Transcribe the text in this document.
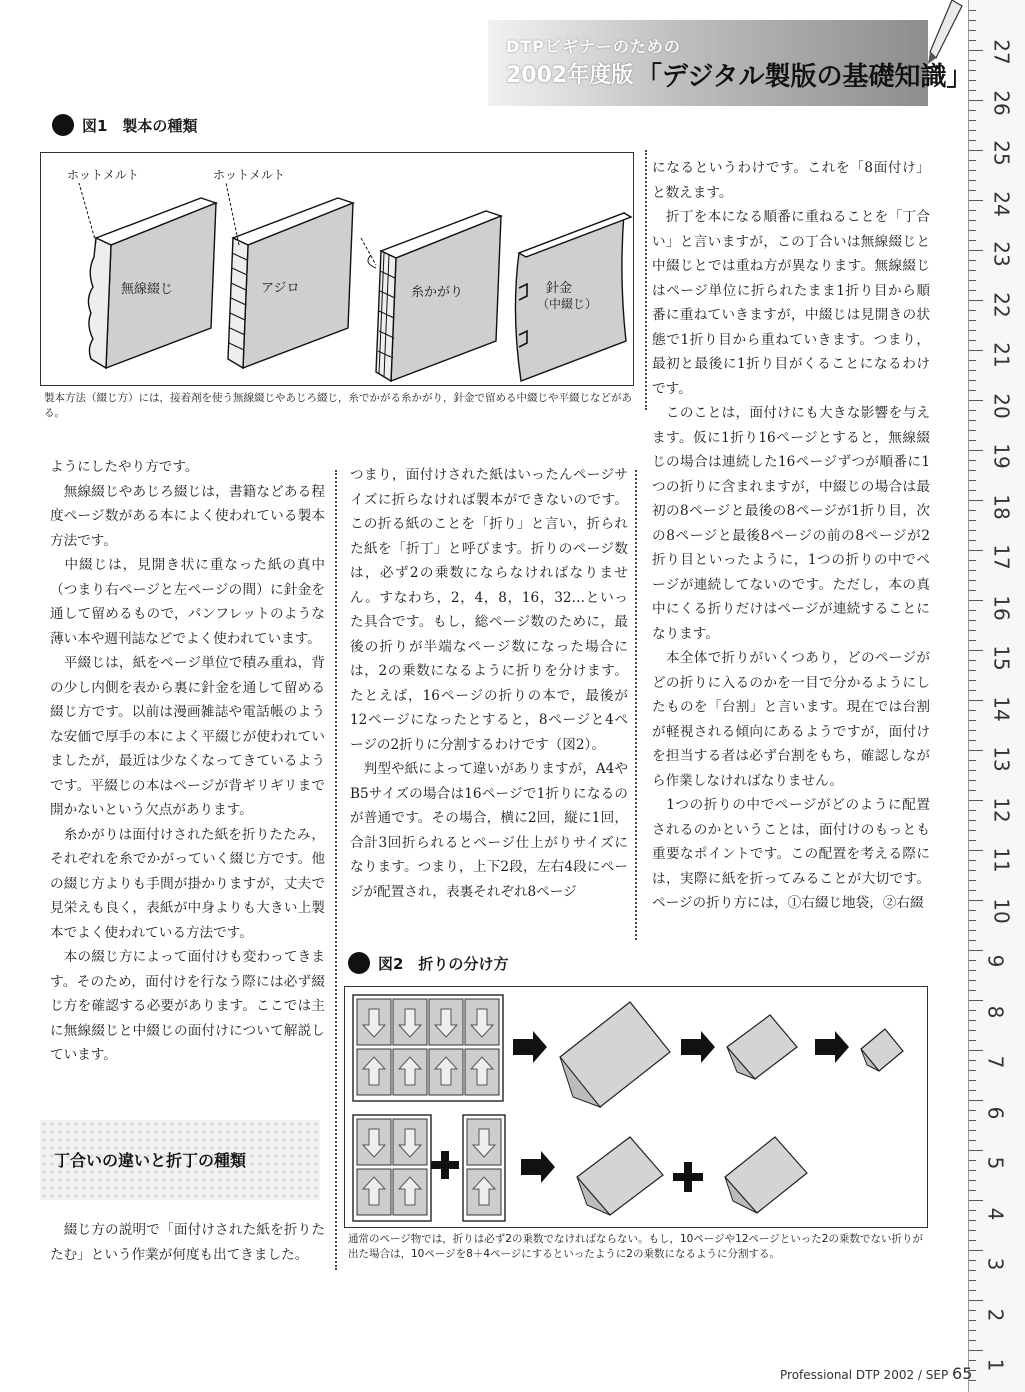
27
26
25
24
23
22
21
20
19
18
17
16
15
14
13
12
11
10
9
8
7
6
5
4
3
2
1
DTPビギナーのための
2002年度版 「デジタル製版の基礎知識」
図1　製本の種類
ホットメルト	ホットメルト
無線綴じ	アジロ	糸かがり	針金
（中綴じ）
製本方法（綴じ方）には，接着剤を使う無線綴じやあじろ綴じ，糸でかがる糸かがり，針金で留める中綴じや平綴じなどがある。

ようにしたやり方です。

　無線綴じやあじろ綴じは，書籍などある程度ページ数がある本によく使われている製本方法です。

　中綴じは，見開き状に重なった紙の真中（つまり右ページと左ページの間）に針金を通して留めるもので，パンフレットのような薄い本や週刊誌などでよく使われています。

　平綴じは，紙をページ単位で積み重ね，背の少し内側を表から裏に針金を通して留める綴じ方です。以前は漫画雑誌や電話帳のような安価で厚手の本によく平綴じが使われていましたが，最近は少なくなってきているようです。平綴じの本はページが背ギリギリまで開かないという欠点があります。

　糸かがりは面付けされた紙を折りたたみ，それぞれを糸でかがっていく綴じ方です。他の綴じ方よりも手間が掛かりますが，丈夫で見栄えも良く，表紙が中身よりも大きい上製本でよく使われている方法です。

　本の綴じ方によって面付けも変わってきます。そのため，面付けを行なう際には必ず綴じ方を確認する必要があります。ここでは主に無線綴じと中綴じの面付けについて解説しています。

丁合いの違いと折丁の種類

　綴じ方の説明で「面付けされた紙を折りたたむ」という作業が何度も出てきました。

つまり，面付けされた紙はいったんページサイズに折らなければ製本ができないのです。この折る紙のことを「折り」と言い，折られた紙を「折丁」と呼びます。折りのページ数は，必ず2の乗数にならなければなりません。すなわち，2，4，8，16，32…といった具合です。もし，総ページ数のために，最後の折りが半端なページ数になった場合には，2の乗数になるように折りを分けます。たとえば，16ページの折りの本で，最後が12ページになったとすると，8ページと4ページの2折りに分割するわけです（図2）。

　判型や紙によって違いがありますが，A4やB5サイズの場合は16ページで1折りになるのが普通です。その場合，横に2回，縦に1回，合計3回折られるとページ仕上がりサイズになります。つまり，上下2段，左右4段にページが配置され，表裏それぞれ8ページ

になるというわけです。これを「8面付け」と数えます。

　折丁を本になる順番に重ねることを「丁合い」と言いますが，この丁合いは無線綴じと中綴じとでは重ね方が異なります。無線綴じはページ単位に折られたまま1折り目から順番に重ねていきますが，中綴じは見開きの状態で1折り目から重ねていきます。つまり，最初と最後に1折り目がくることになるわけです。

　このことは，面付けにも大きな影響を与えます。仮に1折り16ページとすると，無線綴じの場合は連続した16ページずつが順番に1つの折りに含まれますが，中綴じの場合は最初の8ページと最後の8ページが1折り目，次の8ページと最後8ページの前の8ページが2折り目といったように，1つの折りの中でページが連続してないのです。ただし，本の真中にくる折りだけはページが連続することになります。

　本全体で折りがいくつあり，どのページがどの折りに入るのかを一目で分かるようにしたものを「台割」と言います。現在では台割が軽視される傾向にあるようですが，面付けを担当する者は必ず台割をもち，確認しながら作業しなければなりません。

　1つの折りの中でページがどのように配置されるのかということは，面付けのもっとも重要なポイントです。この配置を考える際には，実際に紙を折ってみることが大切です。ページの折り方には，①右綴じ地袋，②右綴

図2　折りの分け方
通常のページ物では，折りは必ず2の乗数でなければならない。もし，10ページや12ページといった2の乗数でない折りが出た場合は，10ページを8＋4ページにするといったように2の乗数になるように分割する。
Professional DTP 2002 / SEP 65
